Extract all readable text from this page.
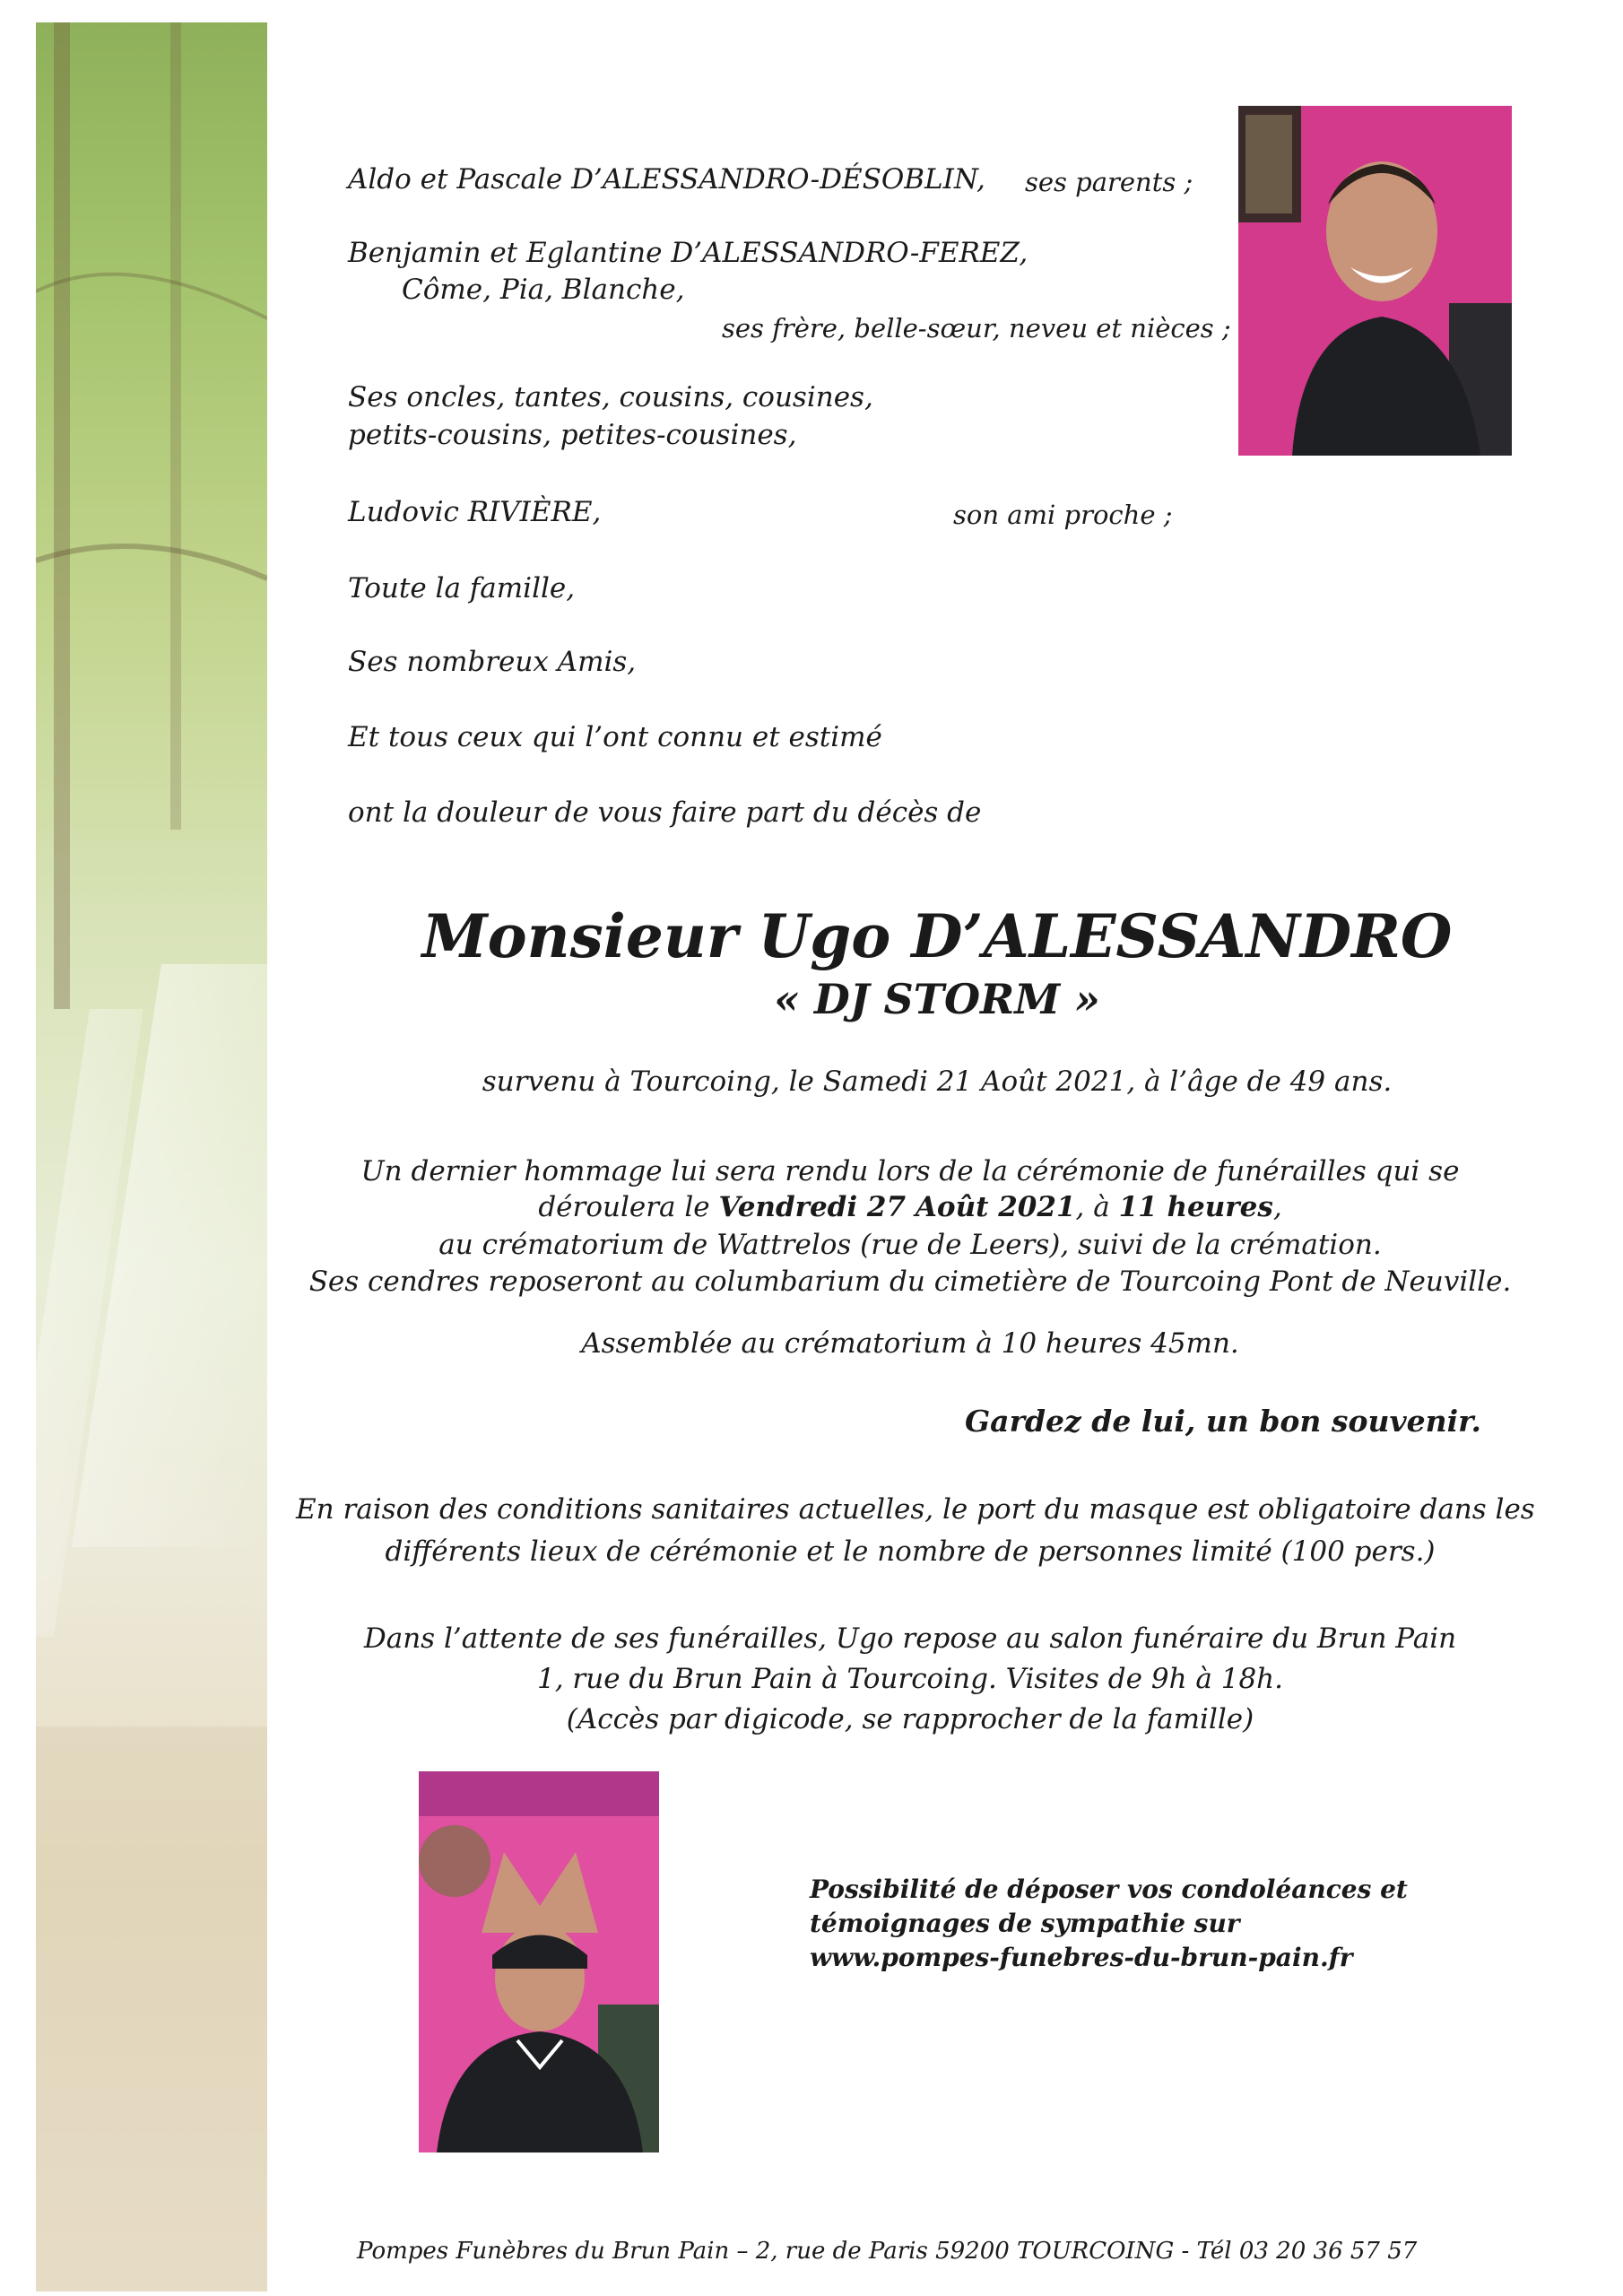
Aldo et Pascale D’ALESSANDRO-DÉSOBLIN, ses parents ;
Benjamin et Eglantine D’ALESSANDRO-FEREZ,
Côme, Pia, Blanche,
ses frère, belle-sœur, neveu et nièces ;
Ses oncles, tantes, cousins, cousines,
petits-cousins, petites-cousines,
Ludovic RIVIÈRE,	son ami proche ;
Toute la famille,
Ses nombreux Amis,
Et tous ceux qui l’ont connu et estimé
ont la douleur de vous faire part du décès de
Monsieur Ugo D’ALESSANDRO
« DJ STORM »
survenu à Tourcoing, le Samedi 21 Août 2021, à l’âge de 49 ans.
Un dernier hommage lui sera rendu lors de la cérémonie de funérailles qui se
déroulera le Vendredi 27 Août 2021, à 11 heures,
au crématorium de Wattrelos (rue de Leers), suivi de la crémation.
Ses cendres reposeront au columbarium du cimetière de Tourcoing Pont de Neuville.
Assemblée au crématorium à 10 heures 45mn.
Gardez de lui, un bon souvenir.
En raison des conditions sanitaires actuelles, le port du masque est obligatoire dans les
différents lieux de cérémonie et le nombre de personnes limité (100 pers.)
Dans l’attente de ses funérailles, Ugo repose au salon funéraire du Brun Pain
1, rue du Brun Pain à Tourcoing. Visites de 9h à 18h.
(Accès par digicode, se rapprocher de la famille)
Possibilité de déposer vos condoléances et
témoignages de sympathie sur
www.pompes-funebres-du-brun-pain.fr
Pompes Funèbres du Brun Pain – 2, rue de Paris 59200 TOURCOING - Tél 03 20 36 57 57
